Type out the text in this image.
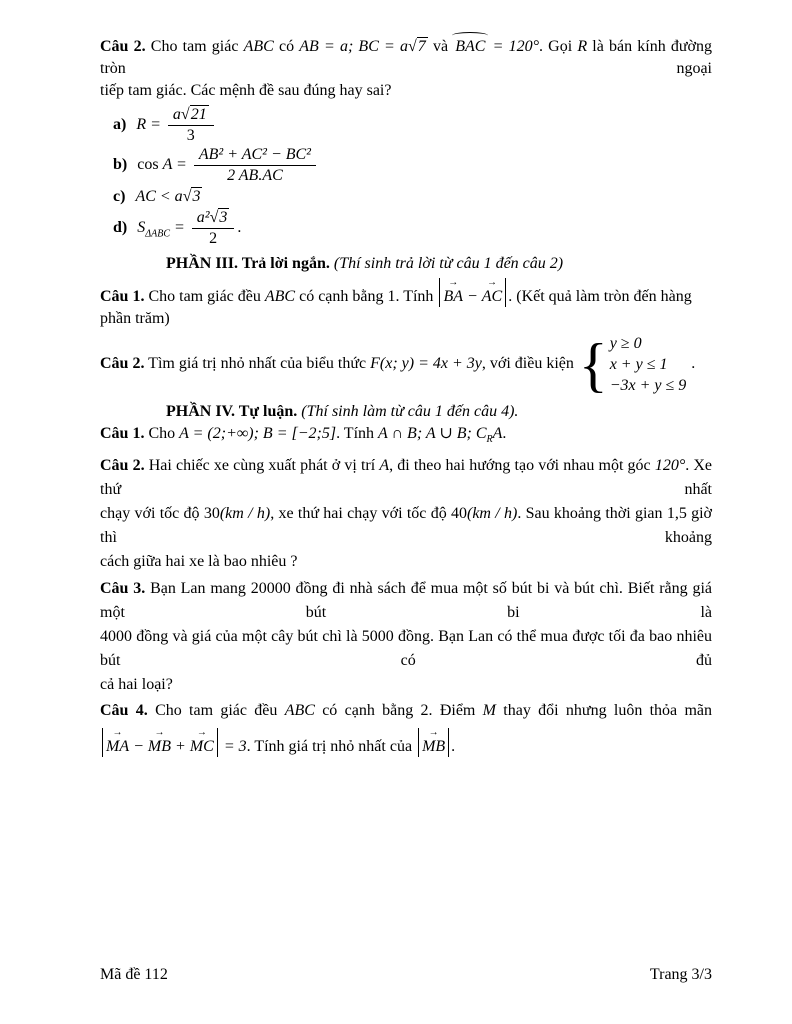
Câu 2. Cho tam giác ABC có AB = a; BC = a√7 và
BAC = 120°. Gọi R là bán kính đường tròn ngoại
tiếp tam giác. Các mệnh đề sau đúng hay sai?
a) $R = \frac{a√21}{3}$
b) $\cos A = \frac{\text{AB² + AC² − BC²}}{2 AB.AC}$
c) AC < a√3
d) $S_{\Delta ABC} = \frac{\text{a²√3}}{2}$ .
PHẦN III. Trả lời ngắn. (Thí sinh trả lời từ câu 1 đến câu 2)
Câu 1. Cho tam giác đều ABC có cạnh bằng 1. Tính
→
BA −
→
AC . (Kết quả làm tròn đến hàng phần trăm)
Câu 2. Tìm giá trị nhỏ nhất của biểu thức F(x; y) = 4x + 3y, với điều kiện { y ≥ 0
x + y ≤ 1
−3x + y ≤ 9
.
PHẦN IV. Tự luận. (Thí sinh làm từ câu 1 đến câu 4).
Câu 1. Cho A = (2;+∞); B = [−2;5]. Tính A ∩ B; A ∪ B; $C_RA$.
Câu 2. Hai chiếc xe cùng xuất phát ở vị trí A, đi theo hai hướng tạo với nhau một góc 120°. Xe thứ nhất
chạy với tốc độ 30(km / h), xe thứ hai chạy với tốc độ 40(km / h). Sau khoảng thời gian 1,5 giờ thì khoảng
cách giữa hai xe là bao nhiêu ?
Câu 3. Bạn Lan mang 20000 đồng đi nhà sách để mua một số bút bi và bút chì. Biết rằng giá một bút bi là
4000 đồng và giá của một cây bút chì là 5000 đồng. Bạn Lan có thể mua được tối đa bao nhiêu bút có đủ
cả hai loại?
Câu 4. Cho tam giác đều ABC có cạnh bằng 2. Điểm M thay đổi nhưng luôn thỏa mãn
→
MA −
→
MB +
→
MC = 3. Tính giá trị nhỏ nhất của
→
MB .
Mã đề 112	Trang 3/3
